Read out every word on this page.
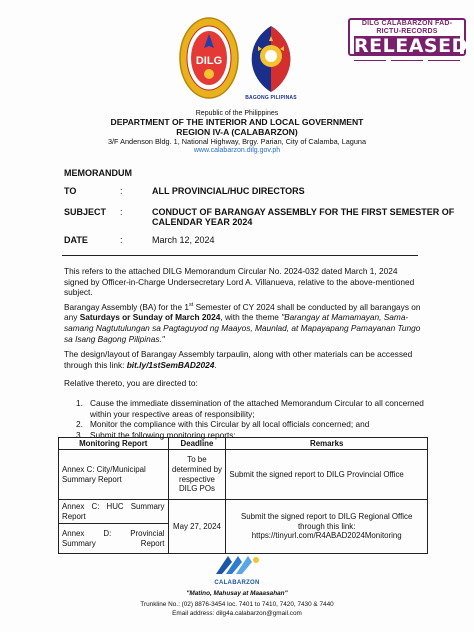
DILG
BAGONG PILIPINAS
DILG CALABARZON FAD-RICTU-RECORDS
RELEASED
Republic of the Philippines
DEPARTMENT OF THE INTERIOR AND LOCAL GOVERNMENT
REGION IV-A (CALABARZON)
3/F Andenson Bldg. 1, National Highway, Brgy. Parian, City of Calamba, Laguna
www.calabarzon.dilg.gov.ph
MEMORANDUM
TO	:	ALL PROVINCIAL/HUC DIRECTORS
SUBJECT :	CONDUCT OF BARANGAY ASSEMBLY FOR THE FIRST SEMESTER OF CALENDAR YEAR 2024
DATE	:	March 12, 2024
This refers to the attached DILG Memorandum Circular No. 2024-032 dated March 1, 2024 signed by Officer-in-Charge Undersecretary Lord A. Villanueva, relative to the above-mentioned subject.
Barangay Assembly (BA) for the 1st Semester of CY 2024 shall be conducted by all barangays on any Saturdays or Sunday of March 2024, with the theme "Barangay at Mamamayan, Sama-samang Nagtutulungan sa Pagtaguyod ng Maayos, Maunlad, at Mapayapang Pamayanan Tungo sa Isang Bagong Pilipinas."
The design/layout of Barangay Assembly tarpaulin, along with other materials can be accessed through this link: bit.ly/1stSemBAD2024.
Relative thereto, you are directed to:
1. Cause the immediate dissemination of the attached Memorandum Circular to all concerned within your respective areas of responsibility;
2. Monitor the compliance with this Circular by all local officials concerned; and
3. Submit the following monitoring reports:
Monitoring Report	Deadline	Remarks
Annex C: City/Municipal Summary Report	To be determined by respective DILG POs	Submit the signed report to DILG Provincial Office
Annex C: HUC Summary Report	May 27, 2024	Submit the signed report to DILG Regional Office through this link: https://tinyurl.com/R4ABAD2024Monitoring
Annex D: Provincial Summary Report		
CALABARZON
"Matino, Mahusay at Maaasahan"
Trunkline No.: (02) 8876-3454 loc. 7401 to 7410, 7420, 7430 & 7440
Email address: dilg4a.calabarzon@gmail.com
